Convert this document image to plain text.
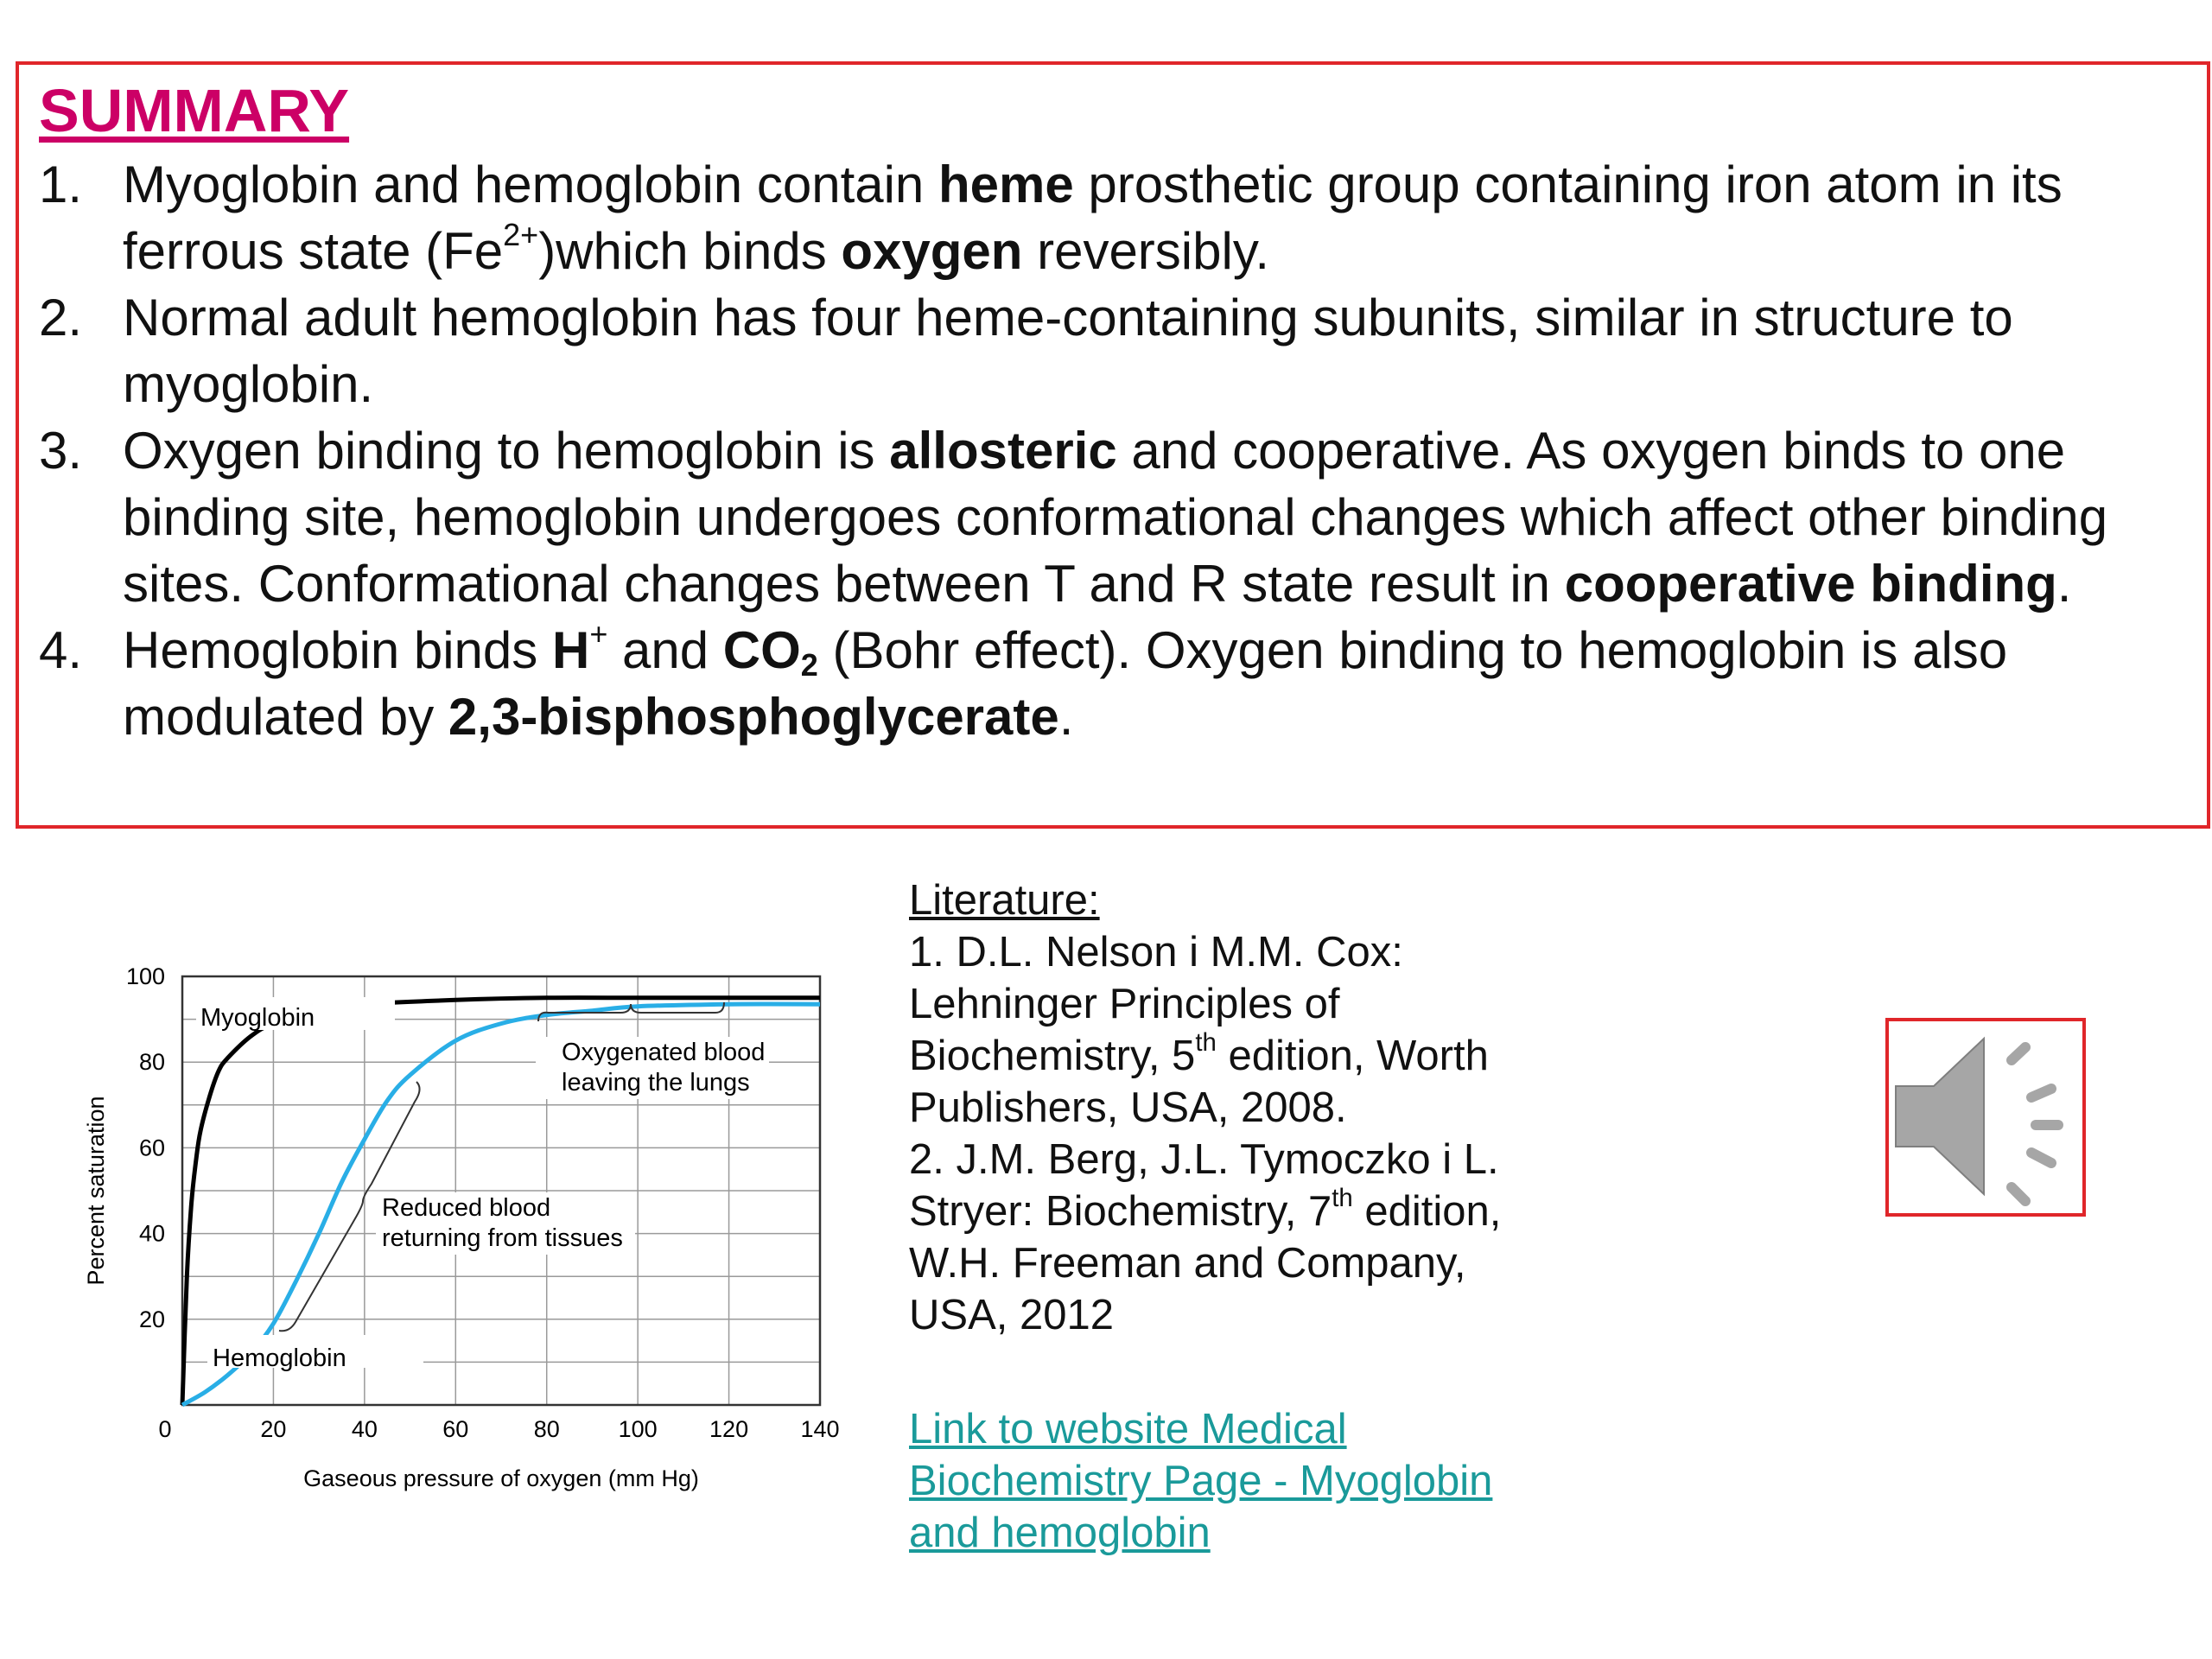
SUMMARY
1. Myoglobin and hemoglobin contain heme prosthetic group containing iron atom in its ferrous state $(Fe^{2+})which$ binds oxygen reversibly.
2. Normal adult hemoglobin has four heme-containing subunits, similar in structure to myoglobin.
3. Oxygen binding to hemoglobin is allosteric and cooperative. As oxygen binds to one binding site, hemoglobin undergoes conformational changes which affect other binding sites. Conformational changes between T and R state result in cooperative binding.
4. Hemoglobin binds H+ and $CO_2$ (Bohr effect). Oxygen binding to hemoglobin is also modulated by 2,3-bisphosphoglycerate.
20
40
60
80
100
0	20	40	60	80	100 120 140
Gaseous pressure of oxygen (mm Hg)
Percent saturation
Myoglobin
Hemoglobin
Oxygenated blood
leaving the lungs
Reduced blood
returning from tissues
Literature:
1. D.L. Nelson i M.M. Cox:
Lehninger Principles of
Biochemistry, 5th edition, Worth
Publishers, USA, 2008.
2. J.M. Berg, J.L. Tymoczko i L.
Stryer: Biochemistry, 7th edition,
W.H. Freeman and Company,
USA, 2012
Link to website Medical
Biochemistry Page - Myoglobin
and hemoglobin
